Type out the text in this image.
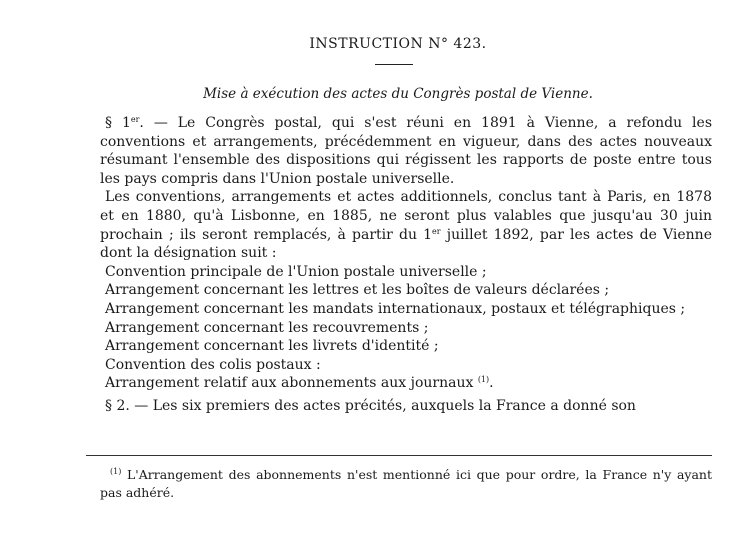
INSTRUCTION N° 423.
Mise à exécution des actes du Congrès postal de Vienne.

§ 1er. — Le Congrès postal, qui s'est réuni en 1891 à Vienne, a refondu les conventions et arrangements, précédemment en vigueur, dans des actes nouveaux résumant l'ensemble des dispositions qui régissent les rapports de poste entre tous les pays compris dans l'Union postale universelle.

Les conventions, arrangements et actes additionnels, conclus tant à Paris, en 1878 et en 1880, qu'à Lisbonne, en 1885, ne seront plus valables que jusqu'au 30 juin prochain ; ils seront remplacés, à partir du 1er juillet 1892, par les actes de Vienne dont la désignation suit :

Convention principale de l'Union postale universelle ;

Arrangement concernant les lettres et les boîtes de valeurs déclarées ;

Arrangement concernant les mandats internationaux, postaux et télégraphiques ;

Arrangement concernant les recouvrements ;

Arrangement concernant les livrets d'identité ;

Convention des colis postaux :

Arrangement relatif aux abonnements aux journaux $^{(1)}$.

§ 2. — Les six premiers des actes précités, auxquels la France a donné son

$^{(1)}$ L'Arrangement des abonnements n'est mentionné ici que pour ordre, la France n'y ayant pas adhéré.
